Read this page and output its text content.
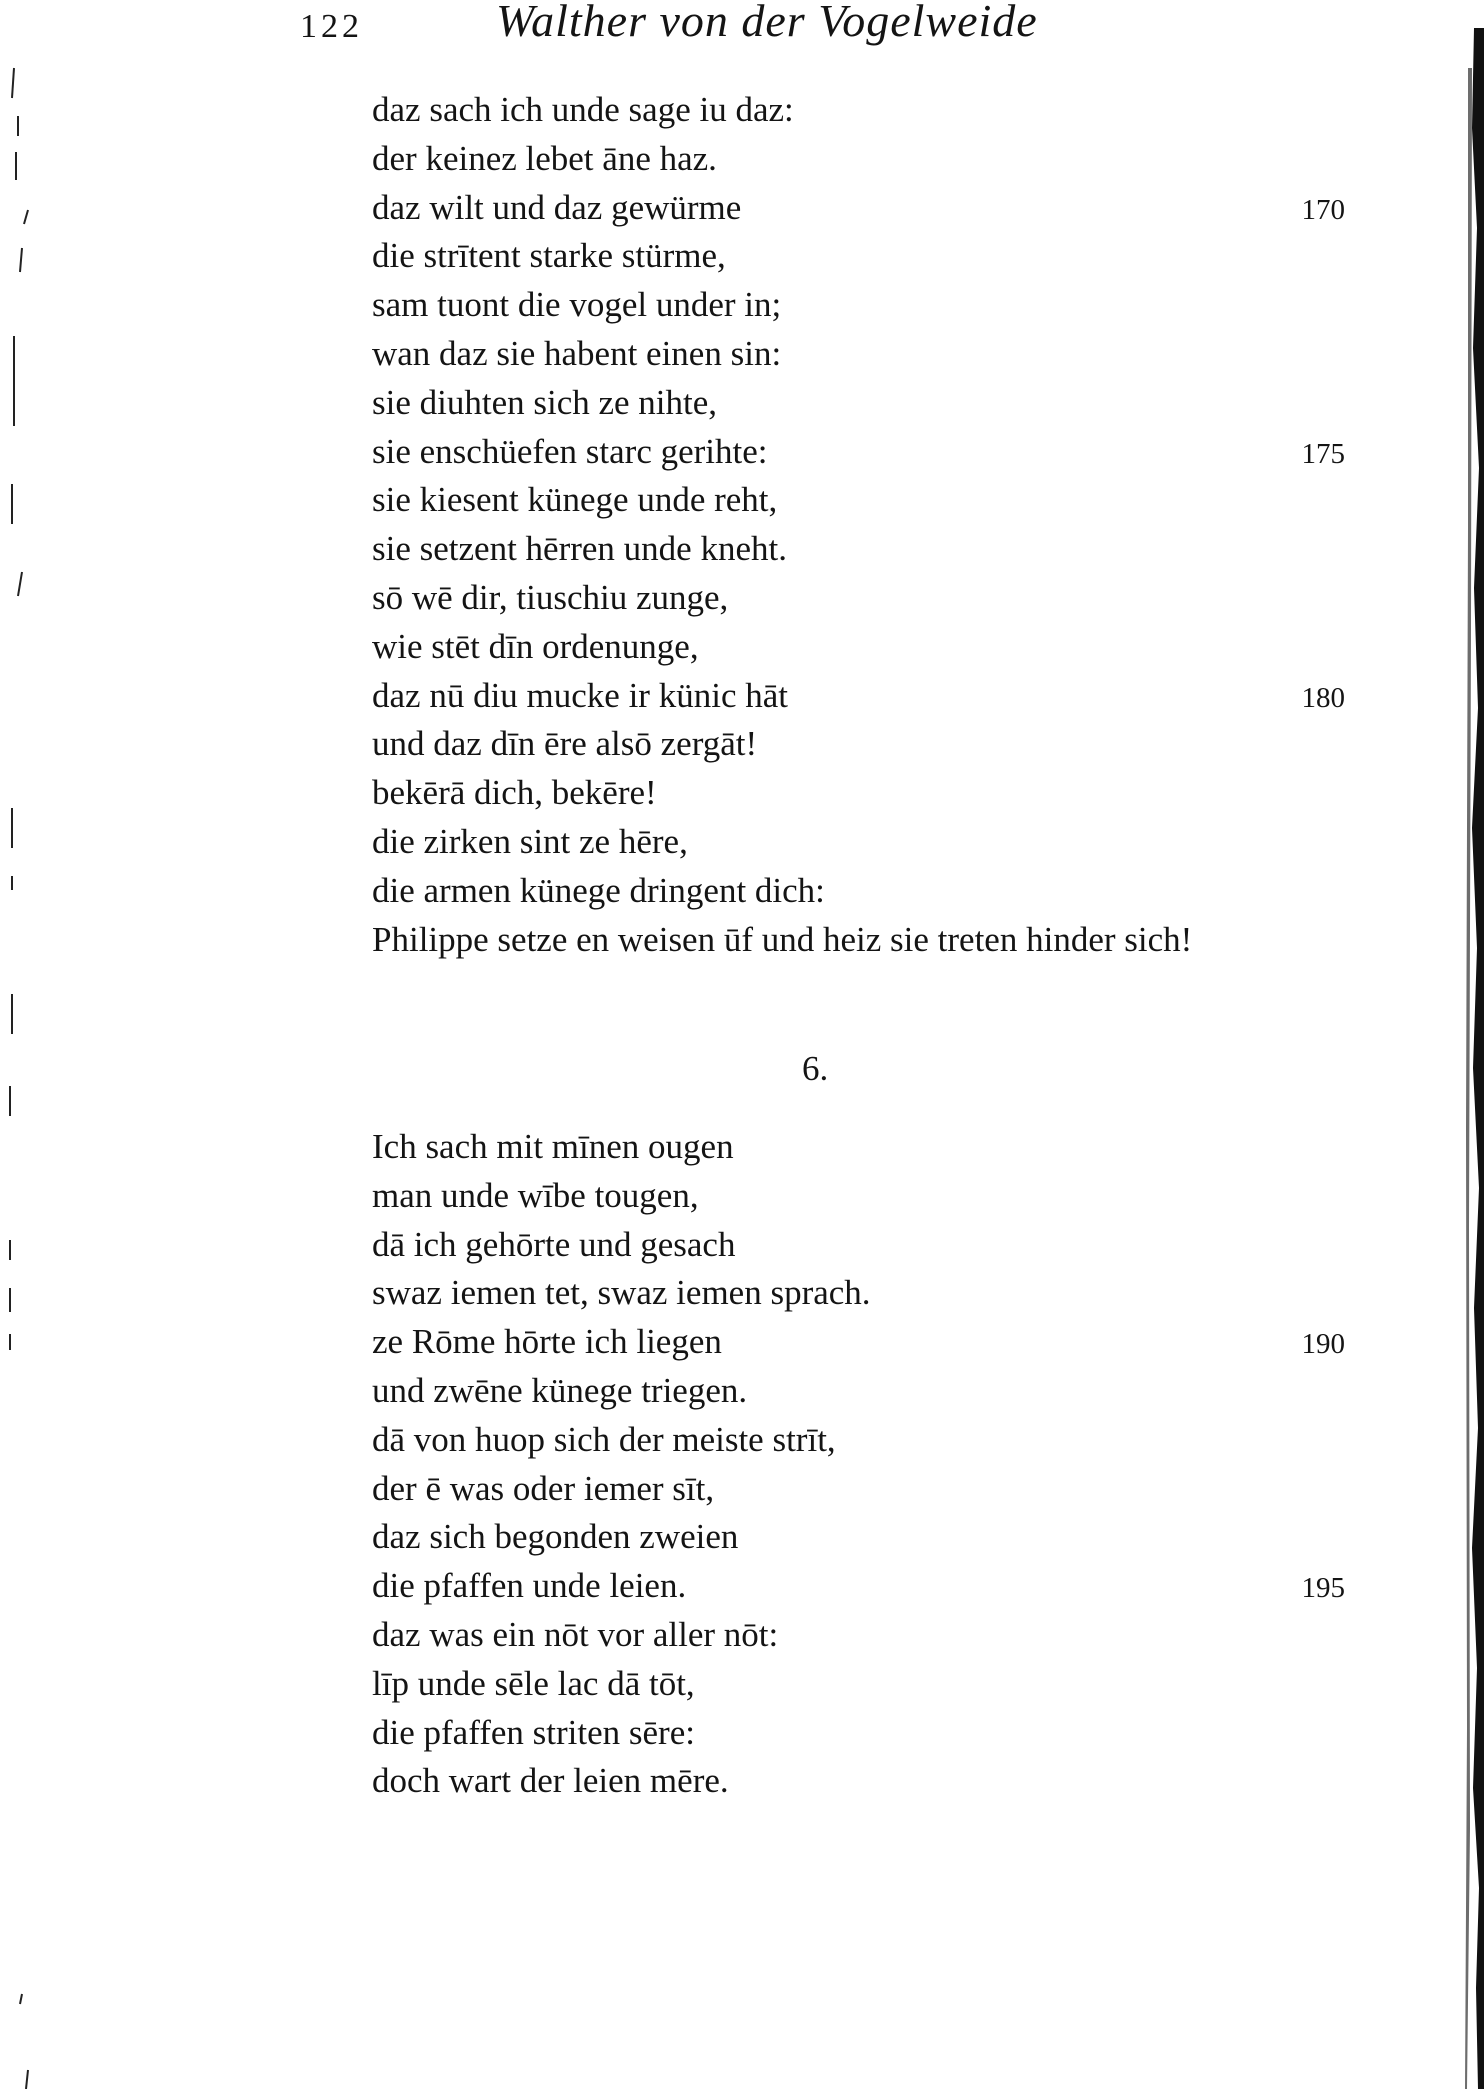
122	Walther von der Vogelweide
daz sach ich unde sage iu daz:
der keinez lebet āne haz.
daz wilt und daz gewürme	170
die strītent starke stürme,
sam tuont die vogel under in;
wan daz sie habent einen sin:
sie diuhten sich ze nihte,
sie enschüefen starc gerihte:	175
sie kiesent künege unde reht,
sie setzent hērren unde kneht.
sō wē dir, tiuschiu zunge,
wie stēt dīn ordenunge,
daz nū diu mucke ir künic hāt	180
und daz dīn ēre alsō zergāt!
bekērā dich, bekēre!
die zirken sint ze hēre,
die armen künege dringent dich:
Philippe setze en weisen ūf und heiz sie treten hinder sich!
6.
Ich sach mit mīnen ougen
man unde wībe tougen,
dā ich gehōrte und gesach
swaz iemen tet, swaz iemen sprach.
ze Rōme hōrte ich liegen	190
und zwēne künege triegen.
dā von huop sich der meiste strīt,
der ē was oder iemer sīt,
daz sich begonden zweien
die pfaffen unde leien.	195
daz was ein nōt vor aller nōt:
līp unde sēle lac dā tōt,
die pfaffen striten sēre:
doch wart der leien mēre.
